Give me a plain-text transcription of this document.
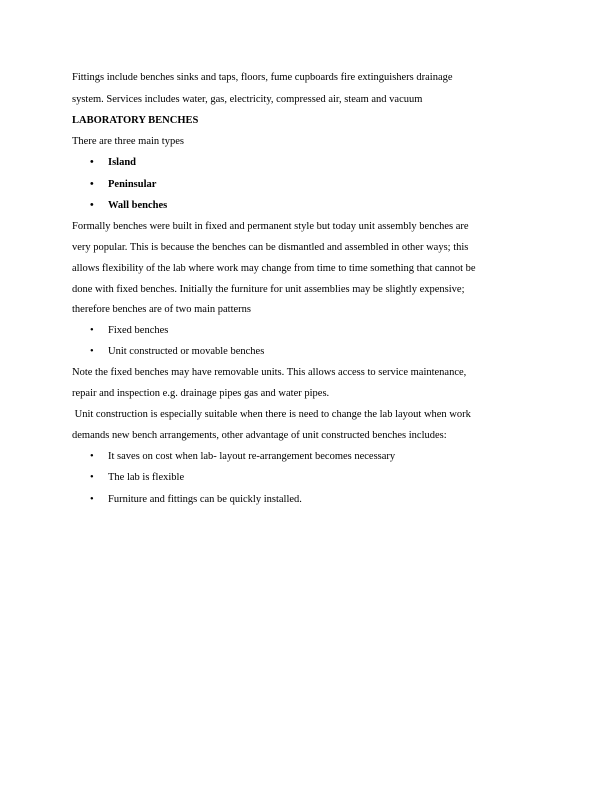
Fittings include benches sinks and taps, floors, fume cupboards fire extinguishers drainage
system. Services includes water, gas, electricity, compressed air, steam and vacuum
LABORATORY BENCHES
There are three main types
• Island
• Peninsular
• Wall benches
Formally benches were built in fixed and permanent style but today unit assembly benches are
very popular. This is because the benches can be dismantled and assembled in other ways; this
allows flexibility of the lab where work may change from time to time something that cannot be
done with fixed benches. Initially the furniture for unit assemblies may be slightly expensive;
therefore benches are of two main patterns
• Fixed benches
• Unit constructed or movable benches
Note the fixed benches may have removable units. This allows access to service maintenance,
repair and inspection e.g. drainage pipes gas and water pipes.
Unit construction is especially suitable when there is need to change the lab layout when work
demands new bench arrangements, other advantage of unit constructed benches includes:
• It saves on cost when lab- layout re-arrangement becomes necessary
• The lab is flexible
• Furniture and fittings can be quickly installed.
